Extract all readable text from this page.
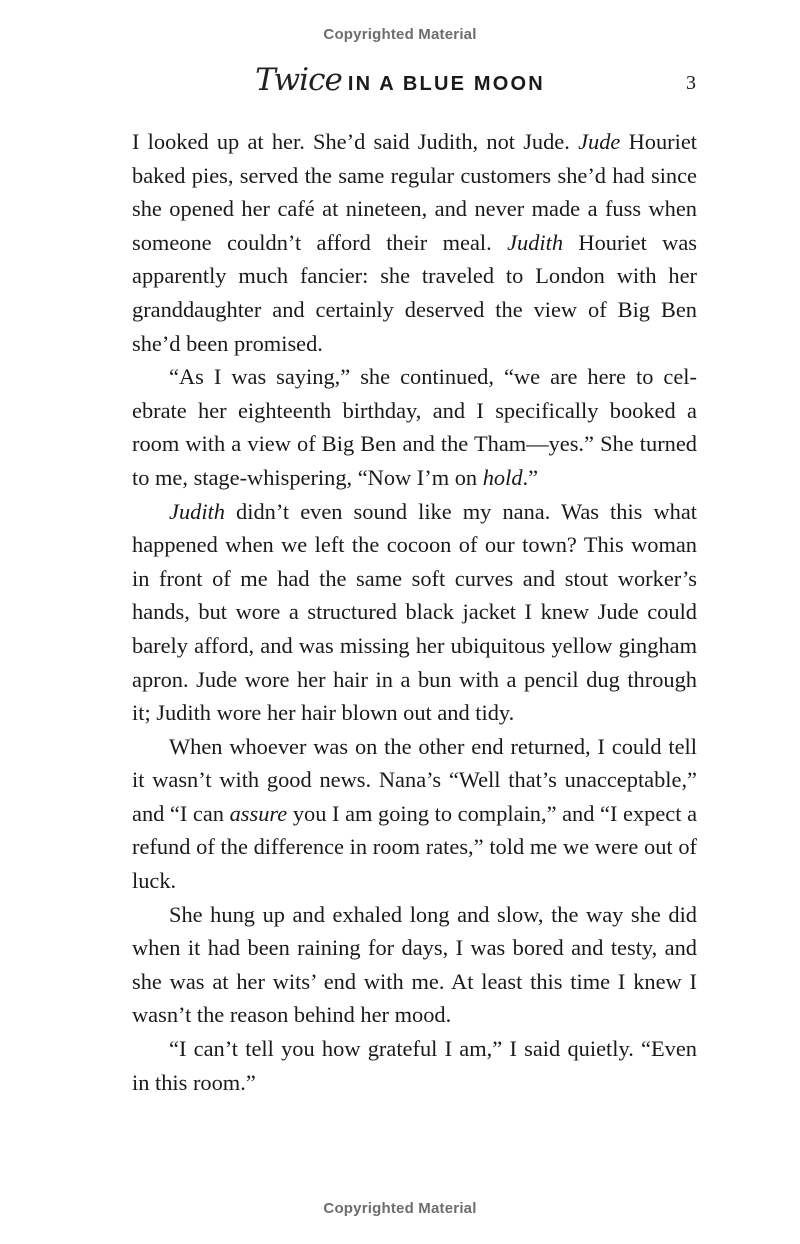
Copyrighted Material
Twice IN A BLUE MOON	3

I looked up at her. She’d said Judith, not Jude. Jude Houriet baked pies, served the same regular customers she’d had since she opened her café at nineteen, and never made a fuss when someone couldn’t afford their meal. Judith Houriet was apparently much fancier: she traveled to London with her granddaughter and certainly deserved the view of Big Ben she’d been promised.

“As I was saying,” she continued, “we are here to celebrate her eighteenth birthday, and I specifically booked a room with a view of Big Ben and the Tham—yes.” She turned to me, stage-whispering, “Now I’m on hold.”

Judith didn’t even sound like my nana. Was this what happened when we left the cocoon of our town? This woman in front of me had the same soft curves and stout worker’s hands, but wore a structured black jacket I knew Jude could barely afford, and was missing her ubiquitous yellow gingham apron. Jude wore her hair in a bun with a pencil dug through it; Judith wore her hair blown out and tidy.

When whoever was on the other end returned, I could tell it wasn’t with good news. Nana’s “Well that’s unacceptable,” and “I can assure you I am going to complain,” and “I expect a refund of the difference in room rates,” told me we were out of luck.

She hung up and exhaled long and slow, the way she did when it had been raining for days, I was bored and testy, and she was at her wits’ end with me. At least this time I knew I wasn’t the reason behind her mood.

“I can’t tell you how grateful I am,” I said quietly. “Even in this room.”

Copyrighted Material
